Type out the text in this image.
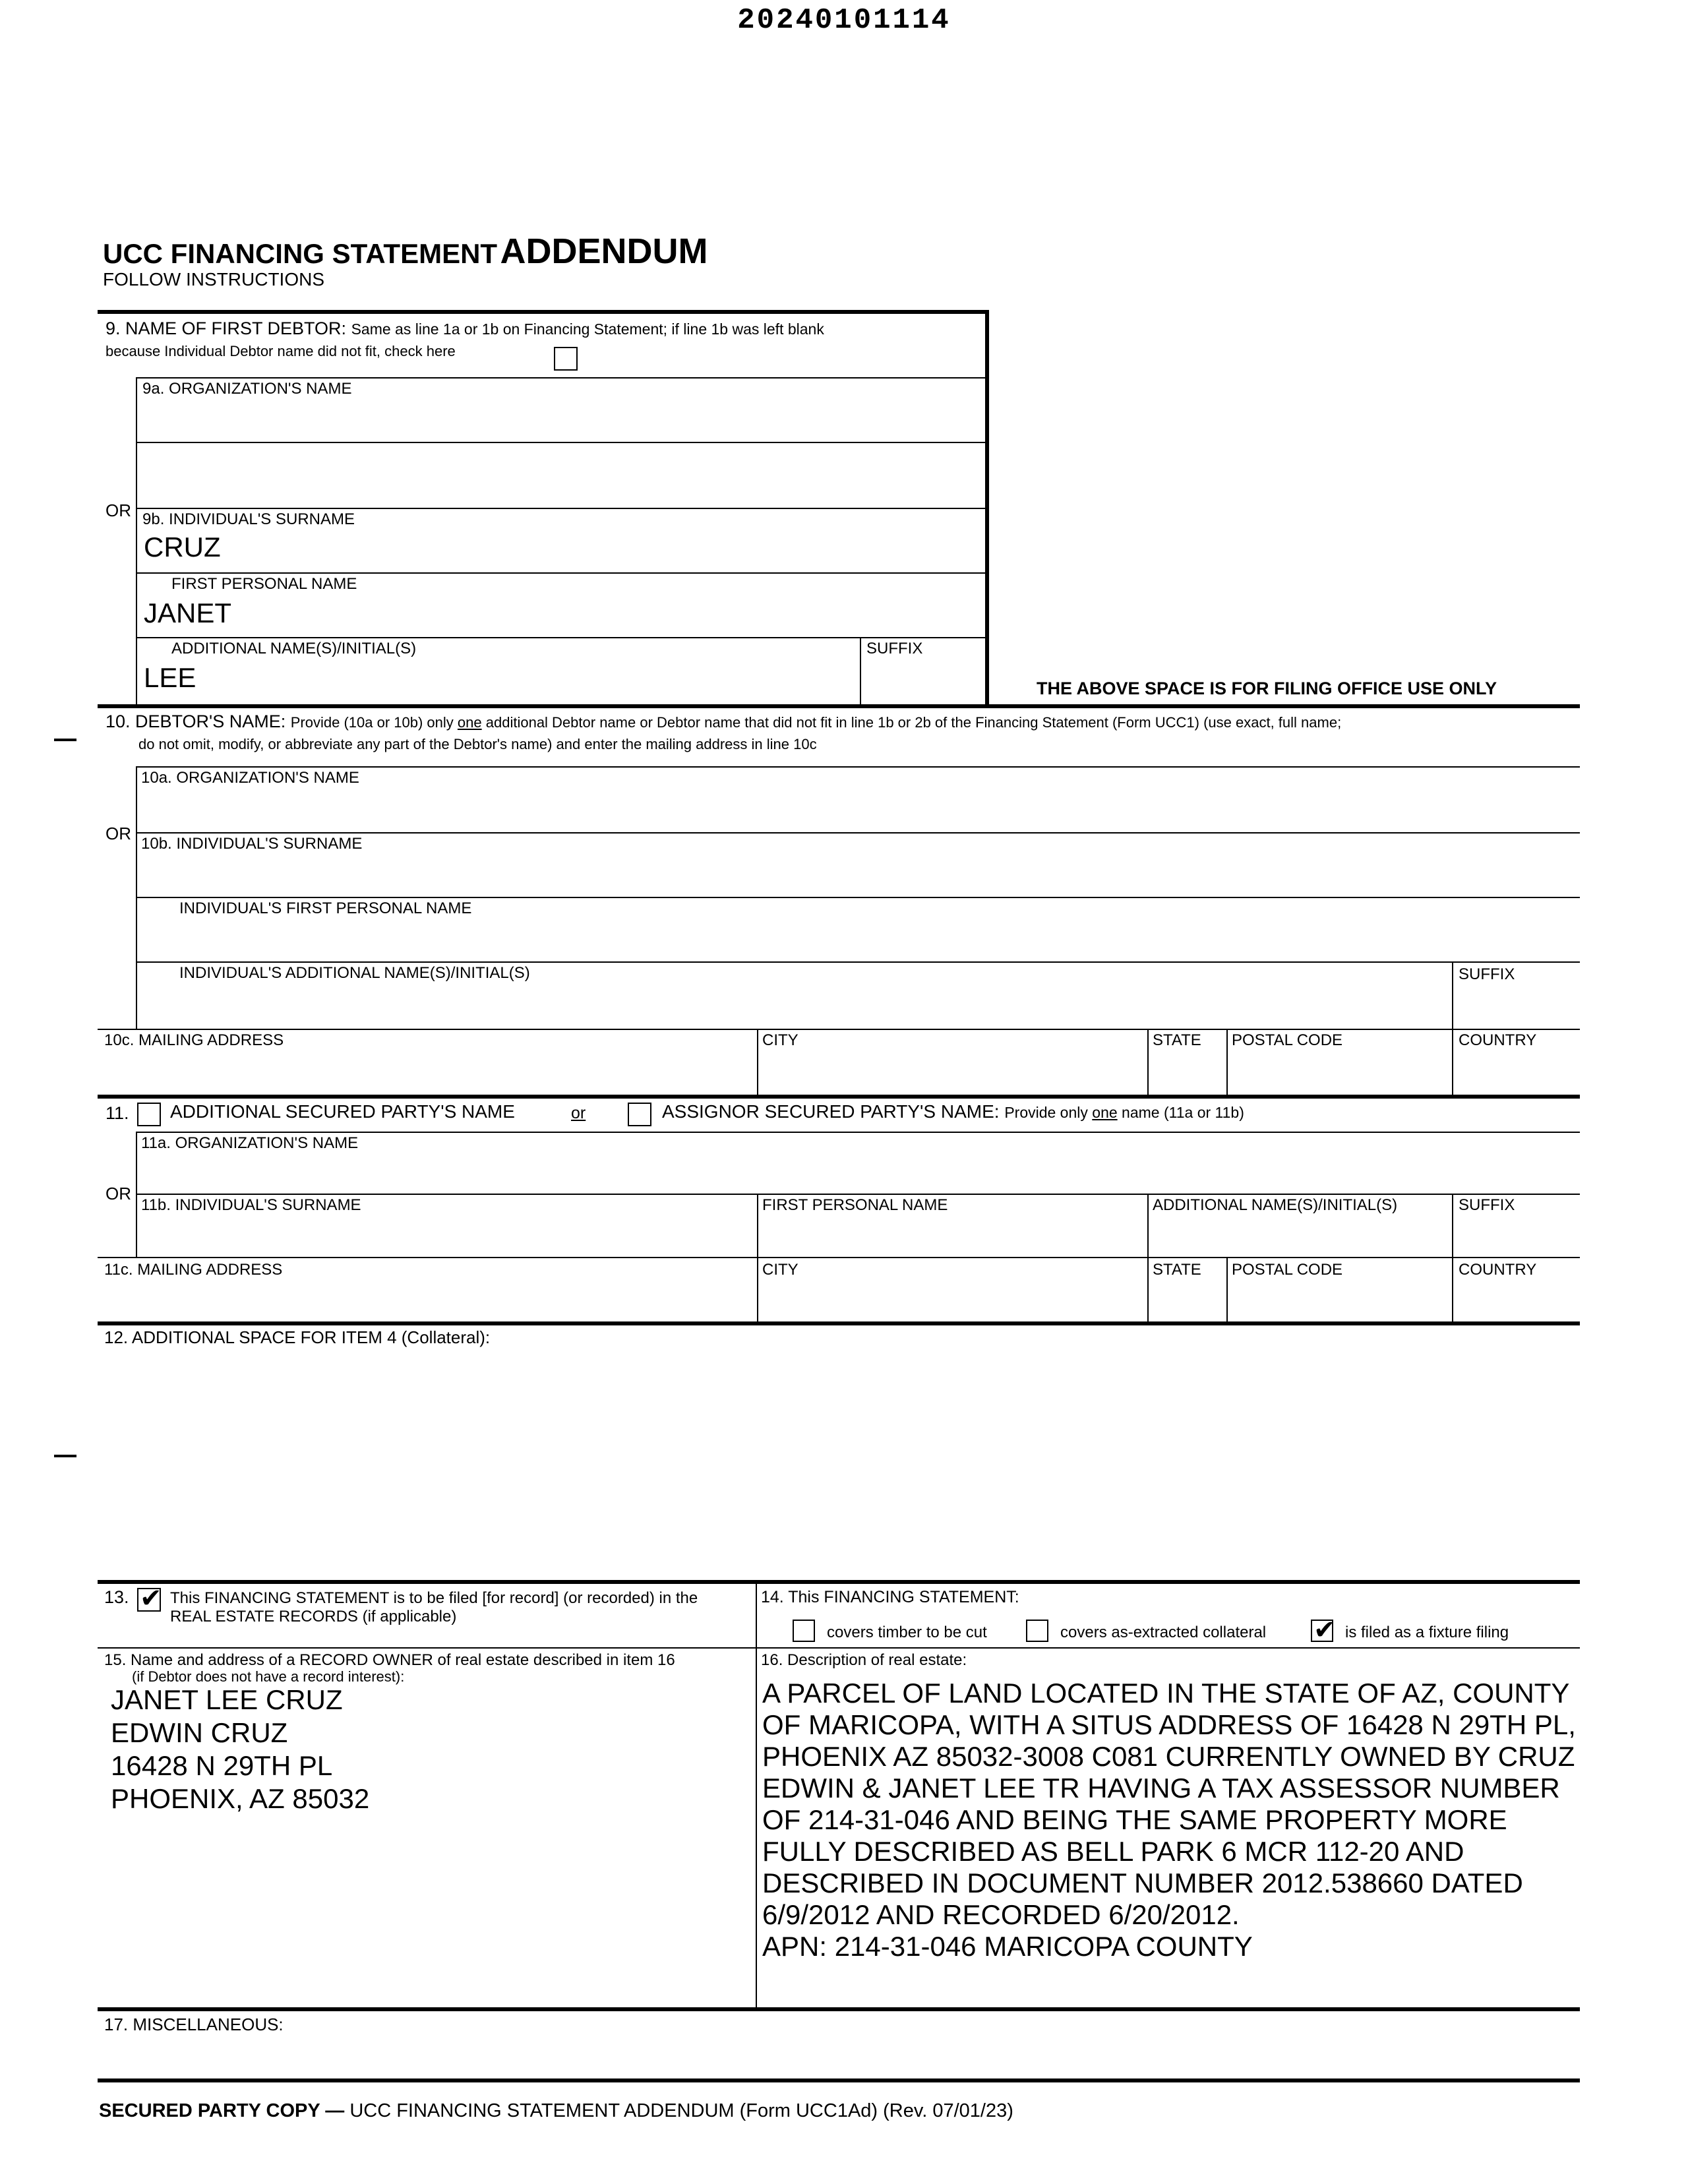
20240101114
UCC FINANCING STATEMENT ADDENDUM
FOLLOW INSTRUCTIONS
9. NAME OF FIRST DEBTOR: Same as line 1a or 1b on Financing Statement; if line 1b was left blank
because Individual Debtor name did not fit, check here
9a. ORGANIZATION'S NAME
OR 9b. INDIVIDUAL'S SURNAME
CRUZ
FIRST PERSONAL NAME
JANET
ADDITIONAL NAME(S)/INITIAL(S)
LEE
SUFFIX
THE ABOVE SPACE IS FOR FILING OFFICE USE ONLY
10. DEBTOR'S NAME: Provide (10a or 10b) only one additional Debtor name or Debtor name that did not fit in line 1b or 2b of the Financing Statement (Form UCC1) (use exact, full name;
do not omit, modify, or abbreviate any part of the Debtor's name) and enter the mailing address in line 10c
10a. ORGANIZATION'S NAME
OR
10b. INDIVIDUAL'S SURNAME
INDIVIDUAL'S FIRST PERSONAL NAME
INDIVIDUAL'S ADDITIONAL NAME(S)/INITIAL(S)	SUFFIX
10c. MAILING ADDRESS	CITY	STATE POSTAL CODE	COUNTRY
11. ADDITIONAL SECURED PARTY'S NAME	or	ASSIGNOR SECURED PARTY'S NAME: Provide only one name (11a or 11b)
11a. ORGANIZATION'S NAME
OR
11b. INDIVIDUAL'S SURNAME	FIRST PERSONAL NAME	ADDITIONAL NAME(S)/INITIAL(S)	SUFFIX
11c. MAILING ADDRESS	CITY	STATE POSTAL CODE	COUNTRY
12. ADDITIONAL SPACE FOR ITEM 4 (Collateral):
13. ✔ This FINANCING STATEMENT is to be filed [for record] (or recorded) in the
REAL ESTATE RECORDS (if applicable)
14. This FINANCING STATEMENT:
covers timber to be cut	covers as-extracted collateral ✔ is filed as a fixture filing
15. Name and address of a RECORD OWNER of real estate described in item 16
(if Debtor does not have a record interest):
JANET LEE CRUZ
EDWIN CRUZ
16428 N 29TH PL
PHOENIX, AZ 85032
16. Description of real estate:
A PARCEL OF LAND LOCATED IN THE STATE OF AZ, COUNTY
OF MARICOPA, WITH A SITUS ADDRESS OF 16428 N 29TH PL,
PHOENIX AZ 85032-3008 C081 CURRENTLY OWNED BY CRUZ
EDWIN & JANET LEE TR HAVING A TAX ASSESSOR NUMBER
OF 214-31-046 AND BEING THE SAME PROPERTY MORE
FULLY DESCRIBED AS BELL PARK 6 MCR 112-20 AND
DESCRIBED IN DOCUMENT NUMBER 2012.538660 DATED
6/9/2012 AND RECORDED 6/20/2012.
APN: 214-31-046 MARICOPA COUNTY
17. MISCELLANEOUS:
SECURED PARTY COPY — UCC FINANCING STATEMENT ADDENDUM (Form UCC1Ad) (Rev. 07/01/23)
